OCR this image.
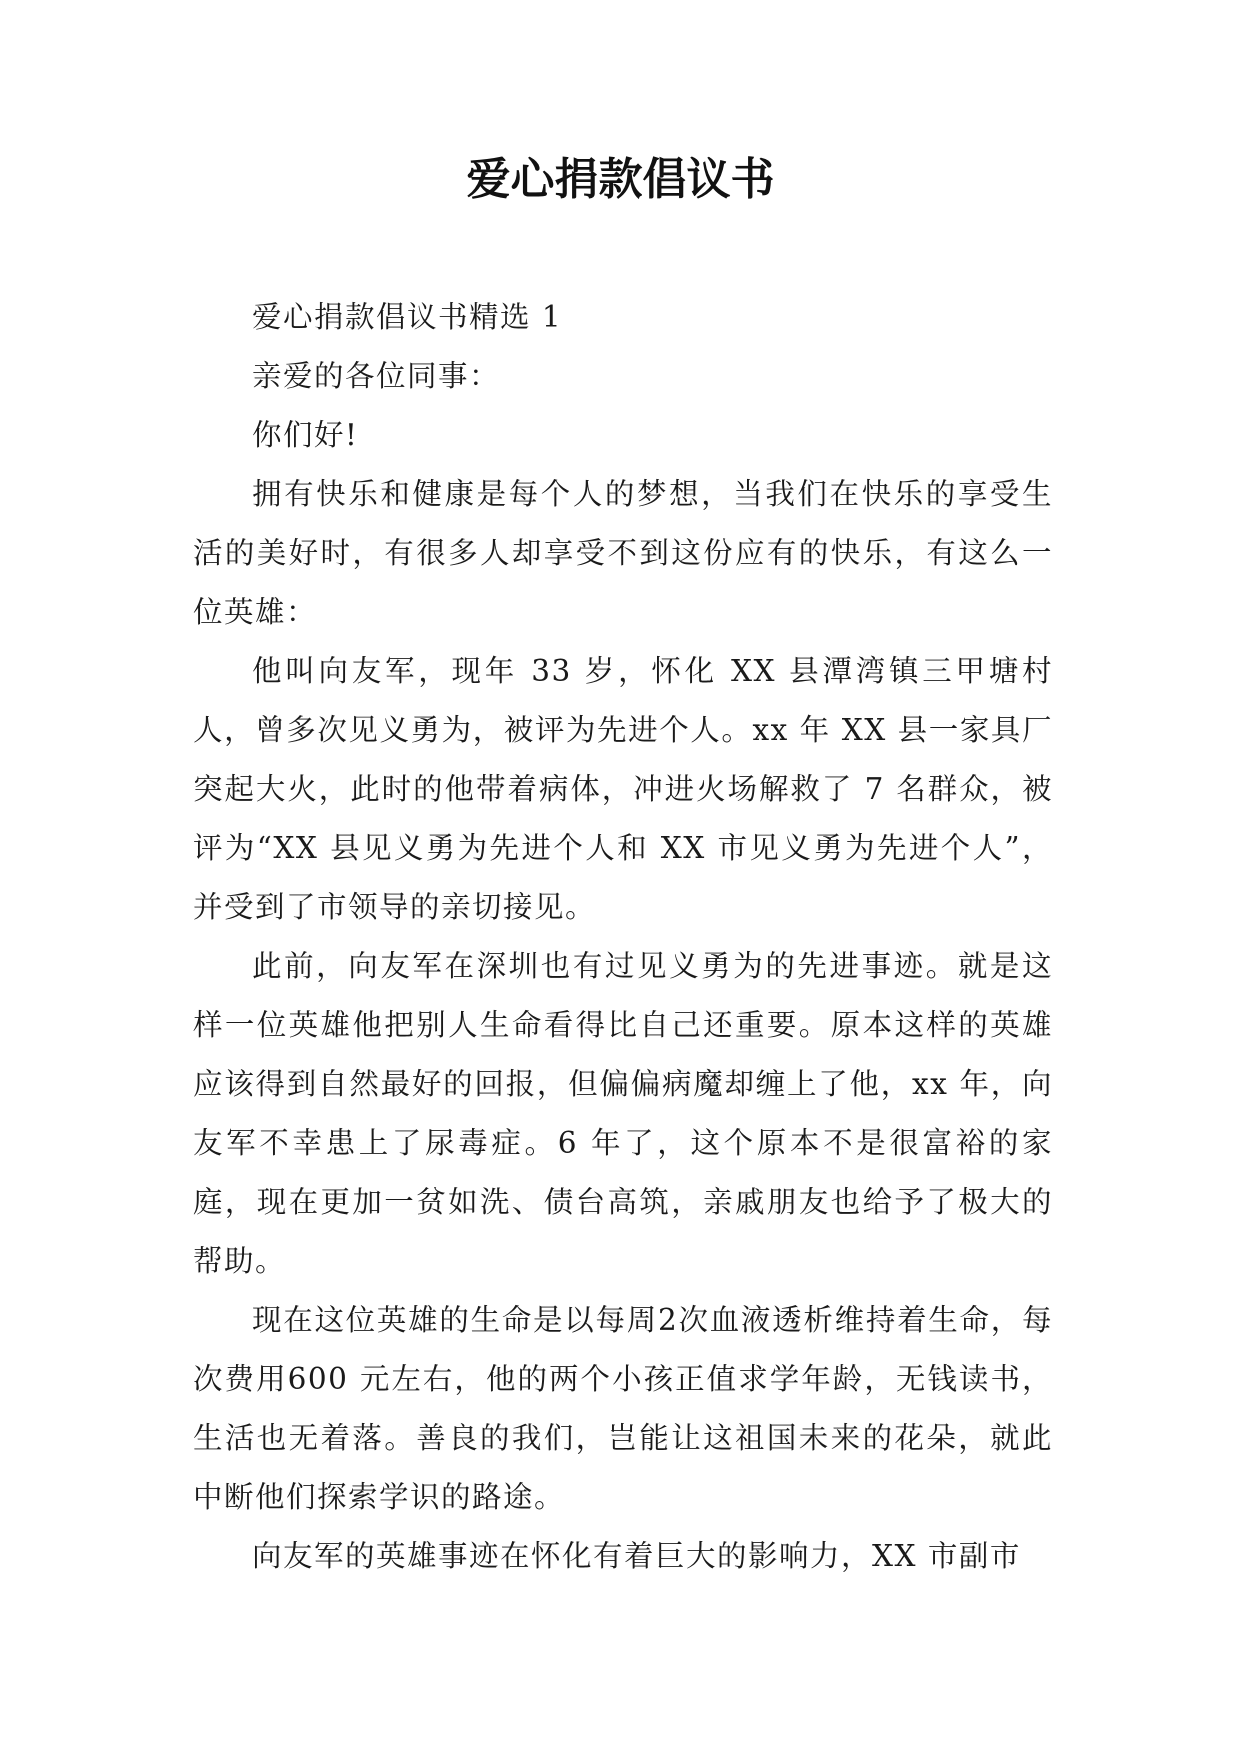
爱心捐款倡议书

爱心捐款倡议书精选 1

亲爱的各位同事：

你们好!

拥有快乐和健康是每个人的梦想，当我们在快乐的享受生活的美好时，有很多人却享受不到这份应有的快乐，有这么一位英雄：

他叫向友军，现年 33 岁，怀化 XX 县潭湾镇三甲塘村人，曾多次见义勇为，被评为先进个人。xx 年 XX 县一家具厂突起大火，此时的他带着病体，冲进火场解救了 7 名群众，被评为“XX 县见义勇为先进个人和 XX 市见义勇为先进个人”，并受到了市领导的亲切接见。

此前，向友军在深圳也有过见义勇为的先进事迹。就是这样一位英雄他把别人生命看得比自己还重要。原本这样的英雄应该得到自然最好的回报，但偏偏病魔却缠上了他，xx 年，向友军不幸患上了尿毒症。6 年了，这个原本不是很富裕的家庭，现在更加一贫如洗、债台高筑，亲戚朋友也给予了极大的帮助。

现在这位英雄的生命是以每周2次血液透析维持着生命，每次费用600 元左右，他的两个小孩正值求学年龄，无钱读书，生活也无着落。善良的我们，岂能让这祖国未来的花朵，就此中断他们探索学识的路途。

向友军的英雄事迹在怀化有着巨大的影响力，XX 市副市
